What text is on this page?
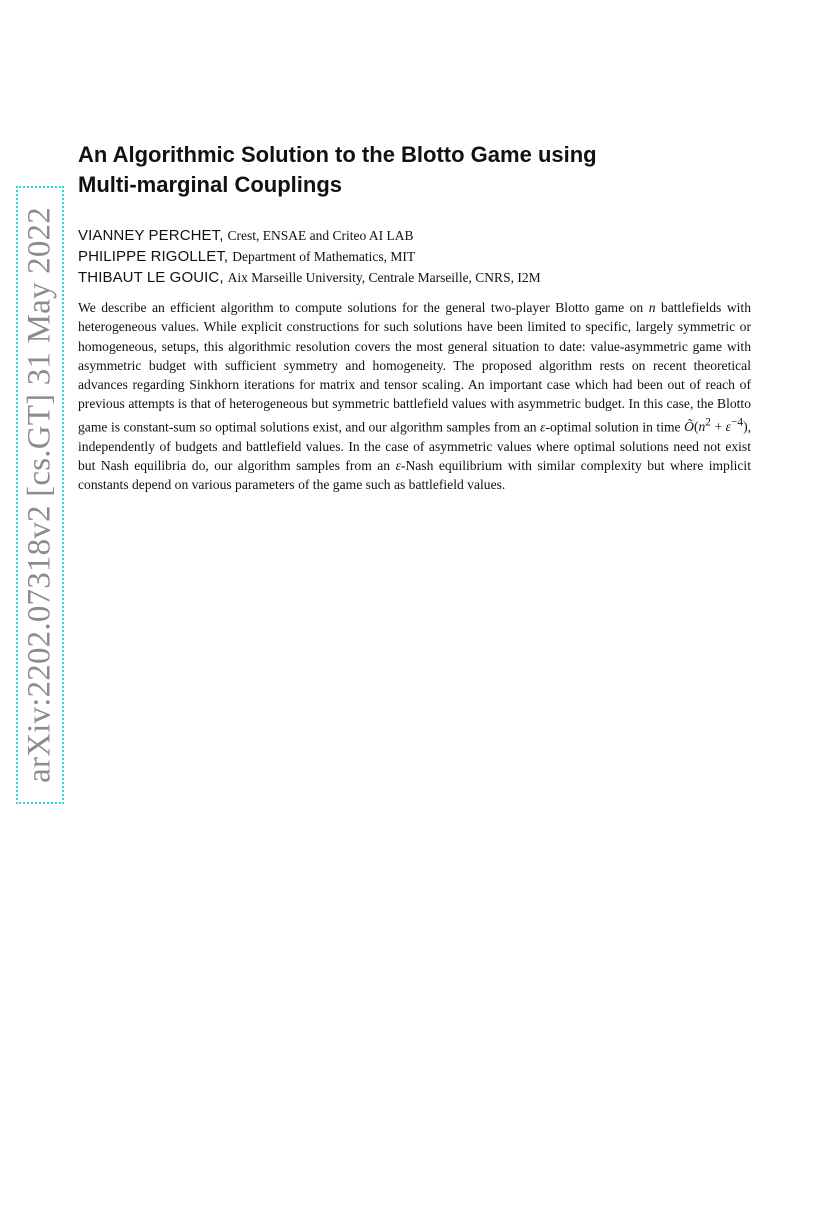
arXiv:2202.07318v2 [cs.GT] 31 May 2022
An Algorithmic Solution to the Blotto Game using
Multi-marginal Couplings
VIANNEY PERCHET, Crest, ENSAE and Criteo AI LAB
PHILIPPE RIGOLLET, Department of Mathematics, MIT
THIBAUT LE GOUIC, Aix Marseille University, Centrale Marseille, CNRS, I2M

We describe an efficient algorithm to compute solutions for the general two-player Blotto game on n battlefields with heterogeneous values. While explicit constructions for such solutions have been limited to specific, largely symmetric or homogeneous, setups, this algorithmic resolution covers the most general situation to date: value-asymmetric game with asymmetric budget with sufficient symmetry and homogeneity. The proposed algorithm rests on recent theoretical advances regarding Sinkhorn iterations for matrix and tensor scaling. An important case which had been out of reach of previous attempts is that of heterogeneous but symmetric battlefield values with asymmetric budget. In this case, the Blotto game is constant-sum so optimal solutions exist, and our algorithm samples from an ε-optimal solution in time $Õ(n^2 + \varepsilon^{-4})$, independently of budgets and battlefield values. In the case of asymmetric values where optimal solutions need not exist but Nash equilibria do, our algorithm samples from an ε-Nash equilibrium with similar complexity but where implicit constants depend on various parameters of the game such as battlefield values.
